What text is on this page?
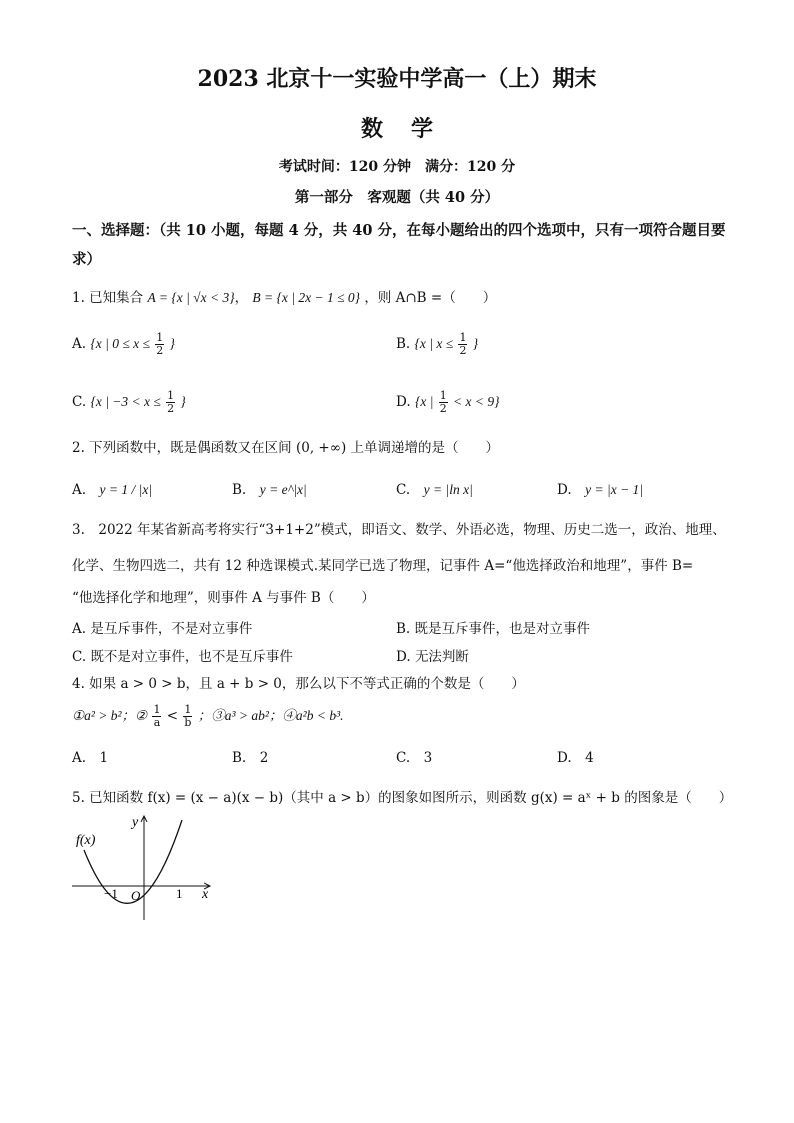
2023 北京十一实验中学高一（上）期末
数学
考试时间：120 分钟　满分：120 分
第一部分　客观题（共 40 分）
一、选择题：（共 10 小题，每题 4 分，共 40 分，在每小题给出的四个选项中，只有一项符合题目要求）
1. 已知集合 A = {x | √x < 3}， B = {x | 2x − 1 ≤ 0} ，则 A∩B =（　　）
A. {x | $0 \le x \le \frac{1}{2}$ }	B. {x | $x \le \frac{1}{2}$ }
C. {x | $-3 < x \le \frac{1}{2}$ }	D. {x | $\frac{1}{2} < x < 9$}
2. 下列函数中，既是偶函数又在区间 (0, +∞) 上单调递增的是（　　）
A.　 y = 1 / |x|	B.　 y = e^|x|	C.　 y = |ln x|	D.　 y = |x − 1|
3.　2022 年某省新高考将实行“3+1+2”模式，即语文、数学、外语必选，物理、历史二选一，政治、地理、
化学、生物四选二，共有 12 种选课模式.某同学已选了物理，记事件 A=“他选择政治和地理”，事件 B=
“他选择化学和地理”，则事件 A 与事件 B（　　）
A. 是互斥事件，不是对立事件	B. 既是互斥事件，也是对立事件
C. 既不是对立事件，也不是互斥事件	D. 无法判断
4. 如果 a > 0 > b，且 a + b > 0，那么以下不等式正确的个数是（　　）
①a² > b²；② $\frac{1}{a} < \frac{1}{b}$ ；③a³ > ab²；④a²b < b³.
A.　 1	B.　 2	C.　 3	D.　 4
5. 已知函数 f(x) = (x − a)(x − b)（其中 a > b）的图象如图所示，则函数 g(x) = aˣ + b 的图象是（　　）
f(x)
y
x
O
−1	1
